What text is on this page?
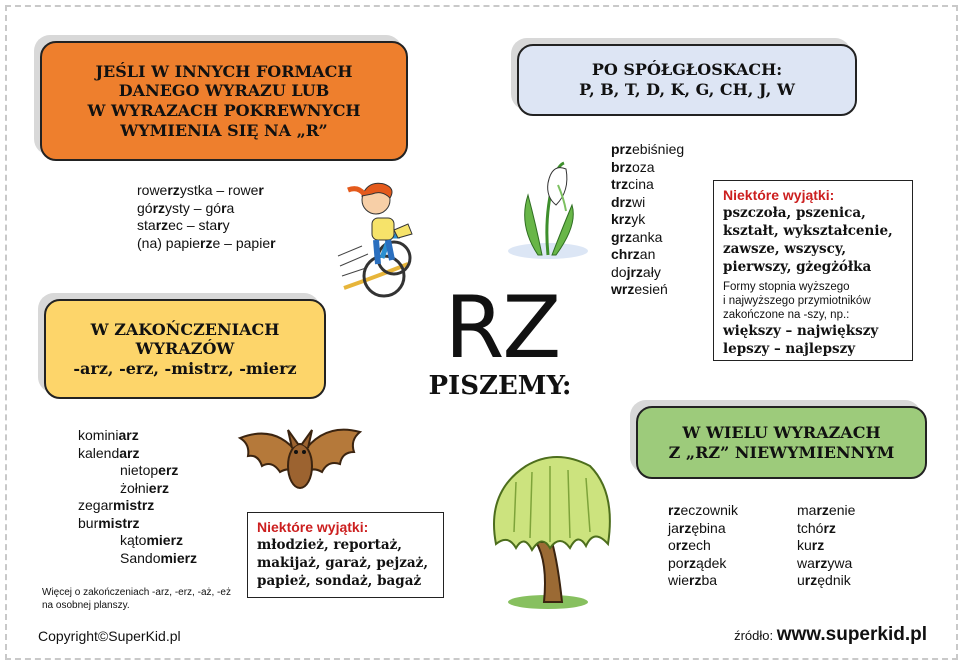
JEŚLI W INNYCH FORMACH
DANEGO WYRAZU LUB
W WYRAZACH POKREWNYCH
WYMIENIA SIĘ NA „R”
rowerzystka – rower
górzysty – góra
starzec – stary
(na) papierze – papier
PO SPÓŁGŁOSKACH:
P, B, T, D, K, G, CH, J, W
przebiśnieg
brzoza
trzcina
drzwi
krzyk
grzanka
chrzan
dojrzały
wrzesień
Niektóre wyjątki:
pszczoła, pszenica,
kształt, wykształcenie,
zawsze, wszyscy,
pierwszy, gżegżółka
Formy stopnia wyższego
i najwyższego przymiotników
zakończone na -szy, np.:
większy – największy
lepszy – najlepszy
RZ
PISZEMY:
W ZAKOŃCZENIACH
WYRAZÓW
-arz, -erz, -mistrz, -mierz
kominiarz
kalendarz
nietoperz
żołnierz
zegarmistrz
burmistrz
kątomierz
Sandomierz
Niektóre wyjątki:
młodzież, reportaż,
makijaż, garaż, pejzaż,
papież, sondaż, bagaż
W WIELU WYRAZACH
Z „RZ” NIEWYMIENNYM
rzeczownik
jarzębina
orzech
porządek
wierzba
marzenie
tchórz
kurz
warzywa
urzędnik
Więcej o zakończeniach -arz, -erz, -aż, -eż
na osobnej planszy.
Copyright©SuperKid.pl	źródło: www.superkid.pl
